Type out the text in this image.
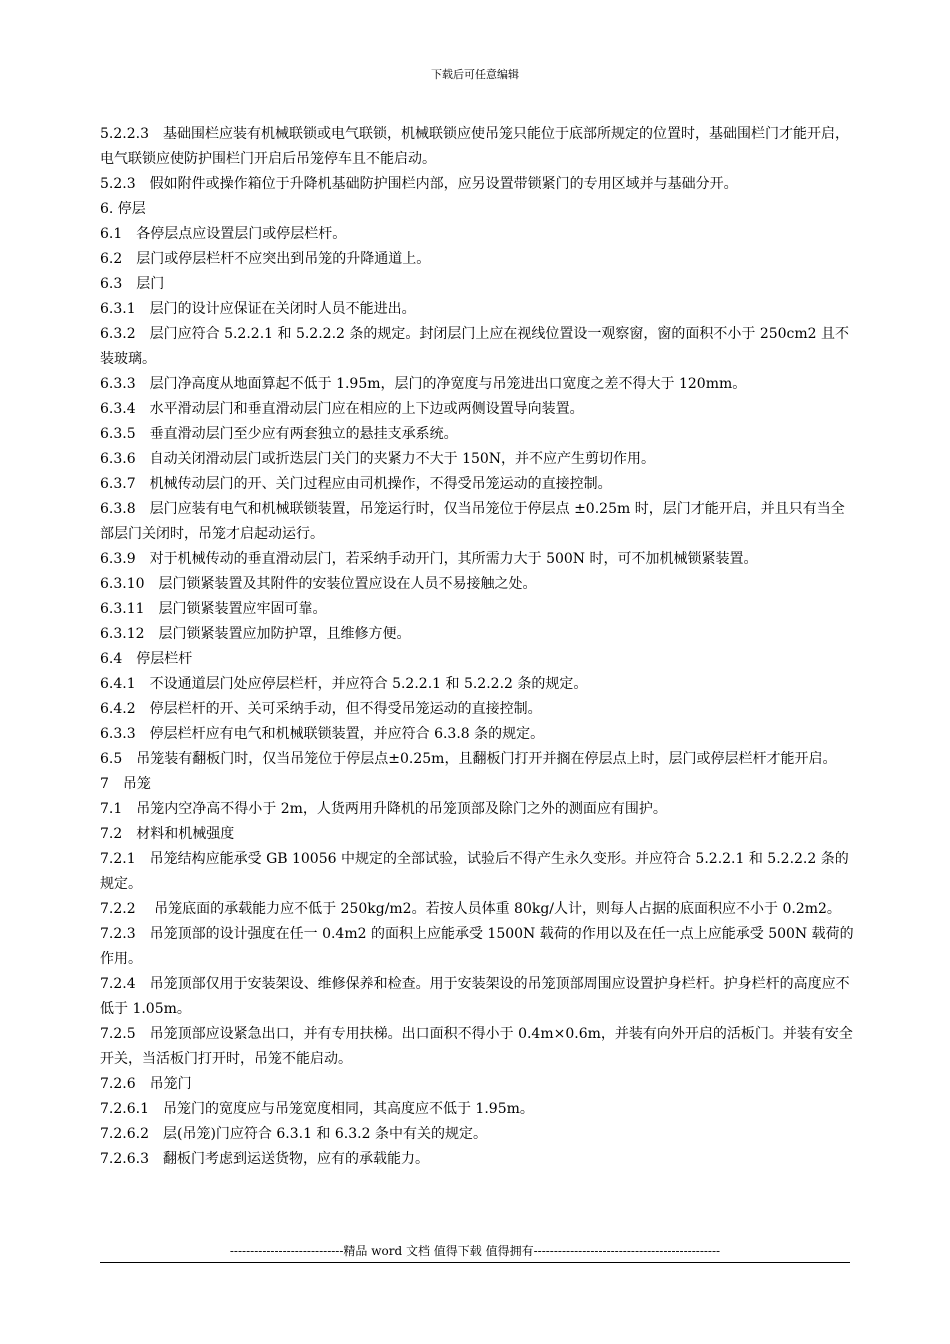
下载后可任意编辑

5.2.2.3　基础围栏应装有机械联锁或电气联锁，机械联锁应使吊笼只能位于底部所规定的位置时，基础围栏门才能开启，电气联锁应使防护围栏门开启后吊笼停车且不能启动。

5.2.3　假如附件或操作箱位于升降机基础防护围栏内部，应另设置带锁紧门的专用区域并与基础分开。

6. 停层

6.1　各停层点应设置层门或停层栏杆。

6.2　层门或停层栏杆不应突出到吊笼的升降通道上。

6.3　层门

6.3.1　层门的设计应保证在关闭时人员不能进出。

6.3.2　层门应符合 5.2.2.1 和 5.2.2.2 条的规定。封闭层门上应在视线位置设一观察窗，窗的面积不小于 250cm2 且不装玻璃。

6.3.3　层门净高度从地面算起不低于 1.95m，层门的净宽度与吊笼进出口宽度之差不得大于 120mm。

6.3.4　水平滑动层门和垂直滑动层门应在相应的上下边或两侧设置导向装置。

6.3.5　垂直滑动层门至少应有两套独立的悬挂支承系统。

6.3.6　自动关闭滑动层门或折迭层门关门的夹紧力不大于 150N，并不应产生剪切作用。

6.3.7　机械传动层门的开、关门过程应由司机操作，不得受吊笼运动的直接控制。

6.3.8　层门应装有电气和机械联锁装置，吊笼运行时，仅当吊笼位于停层点 ±0.25m 时，层门才能开启，并且只有当全部层门关闭时，吊笼才启起动运行。

6.3.9　对于机械传动的垂直滑动层门，若采纳手动开门，其所需力大于 500N 时，可不加机械锁紧装置。

6.3.10　层门锁紧装置及其附件的安装位置应设在人员不易接触之处。

6.3.11　层门锁紧装置应牢固可靠。

6.3.12　层门锁紧装置应加防护罩，且维修方便。

6.4　停层栏杆

6.4.1　不设通道层门处应停层栏杆，并应符合 5.2.2.1 和 5.2.2.2 条的规定。

6.4.2　停层栏杆的开、关可采纳手动，但不得受吊笼运动的直接控制。

6.3.3　停层栏杆应有电气和机械联锁装置，并应符合 6.3.8 条的规定。

6.5　吊笼装有翻板门时，仅当吊笼位于停层点±0.25m，且翻板门打开并搁在停层点上时，层门或停层栏杆才能开启。

7　吊笼

7.1　吊笼内空净高不得小于 2m，人货两用升降机的吊笼顶部及除门之外的测面应有围护。

7.2　材料和机械强度

7.2.1　吊笼结构应能承受 GB 10056 中规定的全部试验，试验后不得产生永久变形。并应符合 5.2.2.1 和 5.2.2.2 条的规定。

7.2.2　 吊笼底面的承载能力应不低于 250kg/m2。若按人员体重 80kg/人计，则每人占据的底面积应不小于 0.2m2。

7.2.3　吊笼顶部的设计强度在任一 0.4m2 的面积上应能承受 1500N 载荷的作用以及在任一点上应能承受 500N 载荷的作用。

7.2.4　吊笼顶部仅用于安装架设、维修保养和检查。用于安装架设的吊笼顶部周围应设置护身栏杆。护身栏杆的高度应不低于 1.05m。

7.2.5　吊笼顶部应设紧急出口，并有专用扶梯。出口面积不得小于 0.4m×0.6m，并装有向外开启的活板门。并装有安全开关，当活板门打开时，吊笼不能启动。

7.2.6　吊笼门

7.2.6.1　吊笼门的宽度应与吊笼宽度相同，其高度应不低于 1.95m。

7.2.6.2　层(吊笼)门应符合 6.3.1 和 6.3.2 条中有关的规定。

7.2.6.3　翻板门考虑到运送货物，应有的承载能力。

----------------------------精品 word 文档 值得下载 值得拥有----------------------------------------------
